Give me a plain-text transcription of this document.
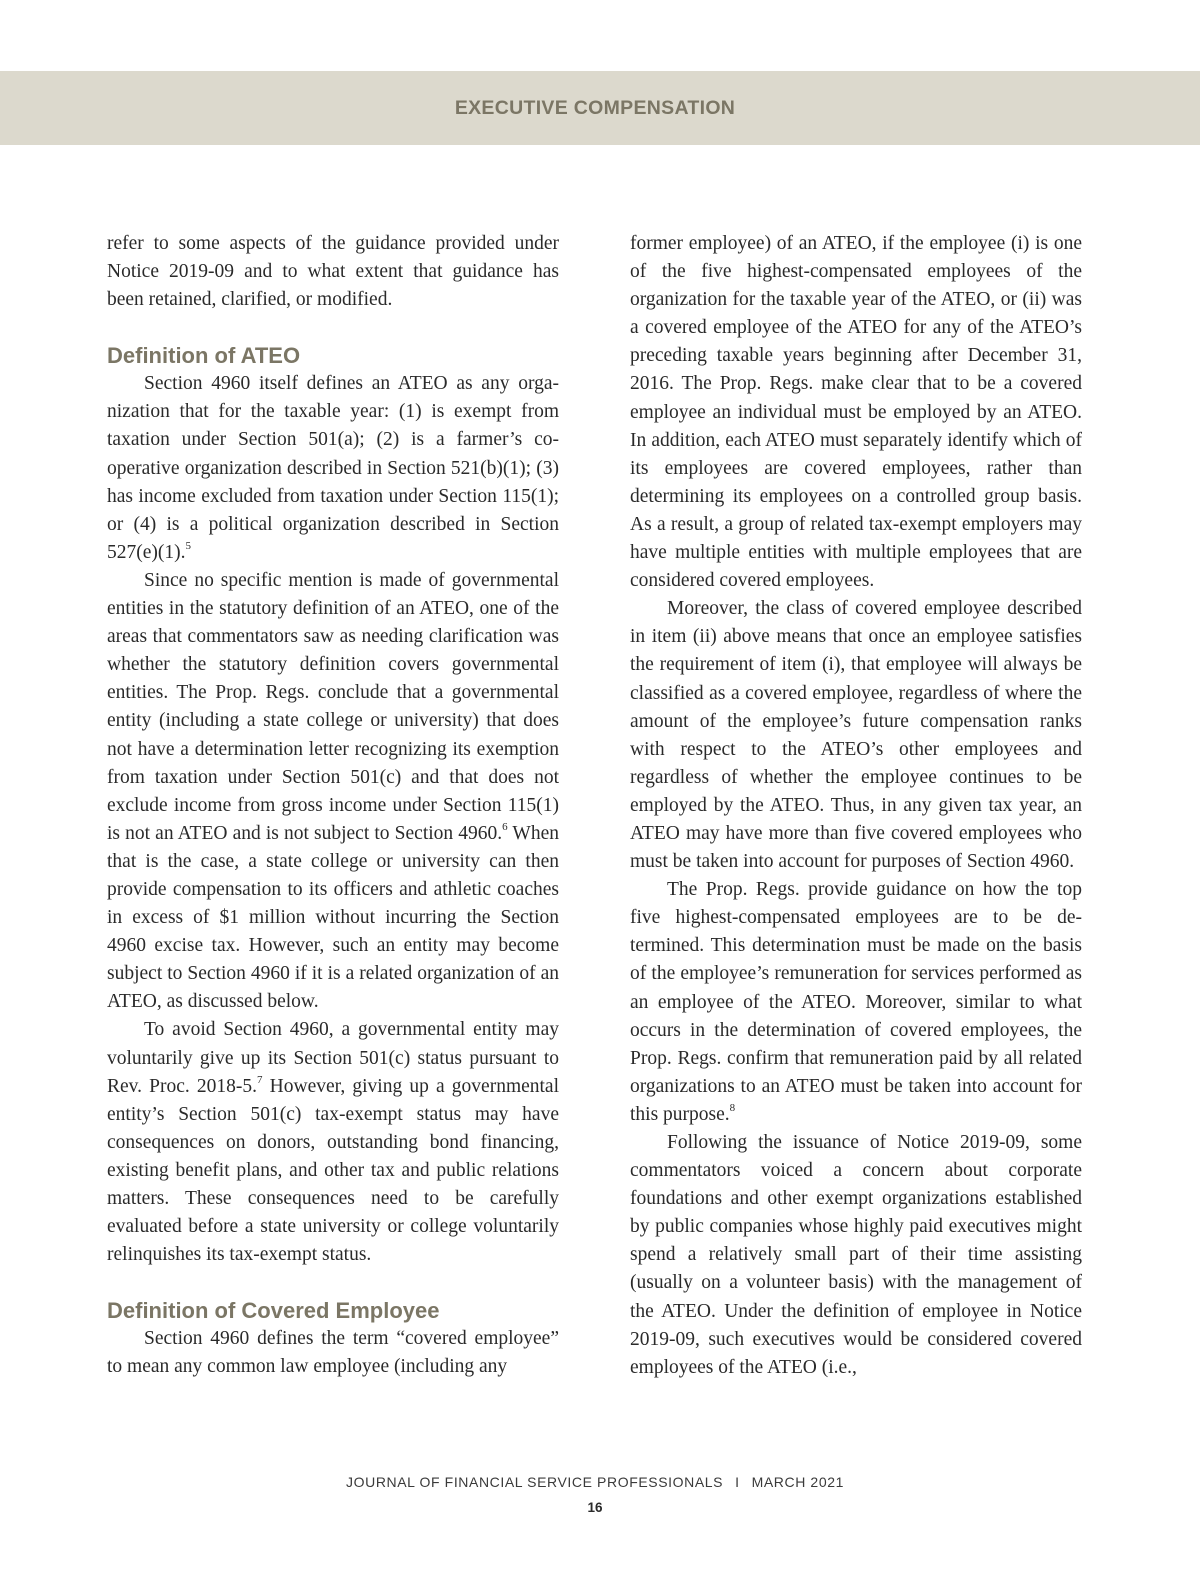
EXECUTIVE COMPENSATION

refer to some aspects of the guidance provided under Notice 2019-09 and to what extent that guidance has been retained, clarified, or modified.

Definition of ATEO

Section 4960 itself defines an ATEO as any organization that for the taxable year: (1) is exempt from taxation under Section 501(a); (2) is a farmer’s cooperative organization described in Section 521(b)(1); (3) has income excluded from taxation under Section 115(1); or (4) is a political organization described in Section 527(e)(1).$^5$

Since no specific mention is made of governmental entities in the statutory definition of an ATEO, one of the areas that commentators saw as needing clarification was whether the statutory definition covers governmental entities. The Prop. Regs. conclude that a governmental entity (including a state college or university) that does not have a determination letter recognizing its exemption from taxation under Section 501(c) and that does not exclude income from gross income under Section 115(1) is not an ATEO and is not subject to Section 4960.$^6$ When that is the case, a state college or university can then provide compensation to its officers and athletic coaches in excess of $1 million without incurring the Section 4960 excise tax. However, such an entity may become subject to Section 4960 if it is a related organization of an ATEO, as discussed below.

To avoid Section 4960, a governmental entity may voluntarily give up its Section 501(c) status pursuant to Rev. Proc. 2018-5.$^7$ However, giving up a governmental entity’s Section 501(c) tax-exempt status may have consequences on donors, outstanding bond financing, existing benefit plans, and other tax and public relations matters. These consequences need to be carefully evaluated before a state university or college voluntarily relinquishes its tax-exempt status.

Definition of Covered Employee

Section 4960 defines the term “covered employee” to mean any common law employee (including any

former employee) of an ATEO, if the employee (i) is one of the five highest-compensated employees of the organization for the taxable year of the ATEO, or (ii) was a covered employee of the ATEO for any of the ATEO’s preceding taxable years beginning after December 31, 2016. The Prop. Regs. make clear that to be a covered employee an individual must be employed by an ATEO. In addition, each ATEO must separately identify which of its employees are covered employees, rather than determining its employees on a controlled group basis. As a result, a group of related tax-exempt employers may have multiple entities with multiple employees that are considered covered employees.

Moreover, the class of covered employee described in item (ii) above means that once an employee satisfies the requirement of item (i), that employee will always be classified as a covered employee, regardless of where the amount of the employee’s future compensation ranks with respect to the ATEO’s other employees and regardless of whether the employee continues to be employed by the ATEO. Thus, in any given tax year, an ATEO may have more than five covered employees who must be taken into account for purposes of Section 4960.

The Prop. Regs. provide guidance on how the top five highest-compensated employees are to be determined. This determination must be made on the basis of the employee’s remuneration for services performed as an employee of the ATEO. Moreover, similar to what occurs in the determination of covered employees, the Prop. Regs. confirm that remuneration paid by all related organizations to an ATEO must be taken into account for this purpose.$^8$

Following the issuance of Notice 2019-09, some commentators voiced a concern about corporate foundations and other exempt organizations established by public companies whose highly paid executives might spend a relatively small part of their time assisting (usually on a volunteer basis) with the management of the ATEO. Under the definition of employee in Notice 2019-09, such executives would be considered covered employees of the ATEO (i.e.,

JOURNAL OF FINANCIAL SERVICE PROFESSIONALS I MARCH 2021
16
